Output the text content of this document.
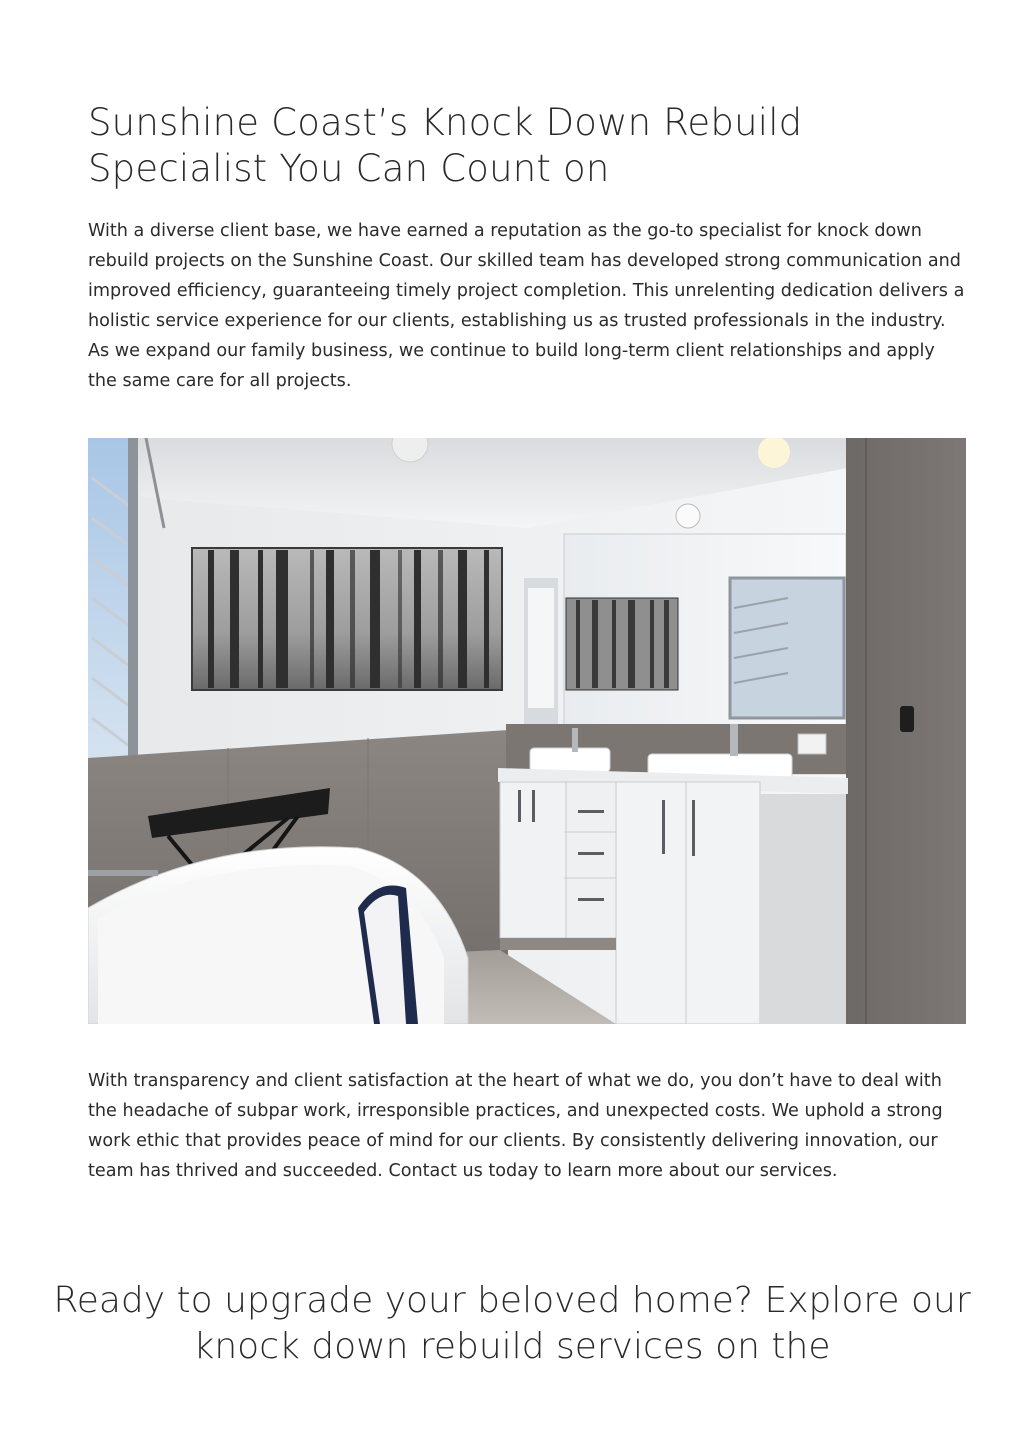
Sunshine Coast’s Knock Down Rebuild Specialist You Can Count on

With a diverse client base, we have earned a reputation as the go-to specialist for knock down rebuild projects on the Sunshine Coast. Our skilled team has developed strong communication and improved efficiency, guaranteeing timely project completion. This unrelenting dedication delivers a holistic service experience for our clients, establishing us as trusted professionals in the industry. As we expand our family business, we continue to build long-term client relationships and apply the same care for all projects.

With transparency and client satisfaction at the heart of what we do, you don’t have to deal with the headache of subpar work, irresponsible practices, and unexpected costs. We uphold a strong work ethic that provides peace of mind for our clients. By consistently delivering innovation, our team has thrived and succeeded. Contact us today to learn more about our services.

Ready to upgrade your beloved home? Explore our knock down rebuild services on the
